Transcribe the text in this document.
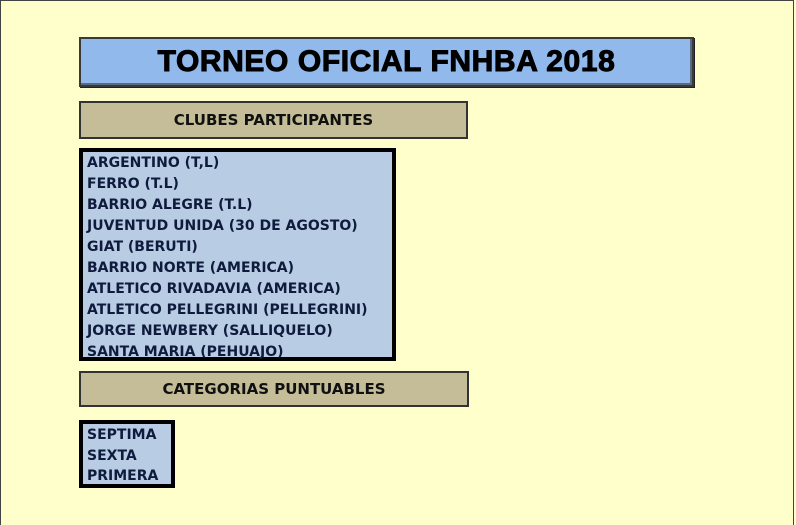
TORNEO OFICIAL FNHBA 2018
CLUBES PARTICIPANTES
ARGENTINO (T,L)
FERRO (T.L)
BARRIO ALEGRE (T.L)
JUVENTUD UNIDA (30 DE AGOSTO)
GIAT (BERUTI)
BARRIO NORTE (AMERICA)
ATLETICO RIVADAVIA (AMERICA)
ATLETICO PELLEGRINI (PELLEGRINI)
JORGE NEWBERY (SALLIQUELO)
SANTA MARIA (PEHUAJO)
CATEGORIAS PUNTUABLES
SEPTIMA
SEXTA
PRIMERA
